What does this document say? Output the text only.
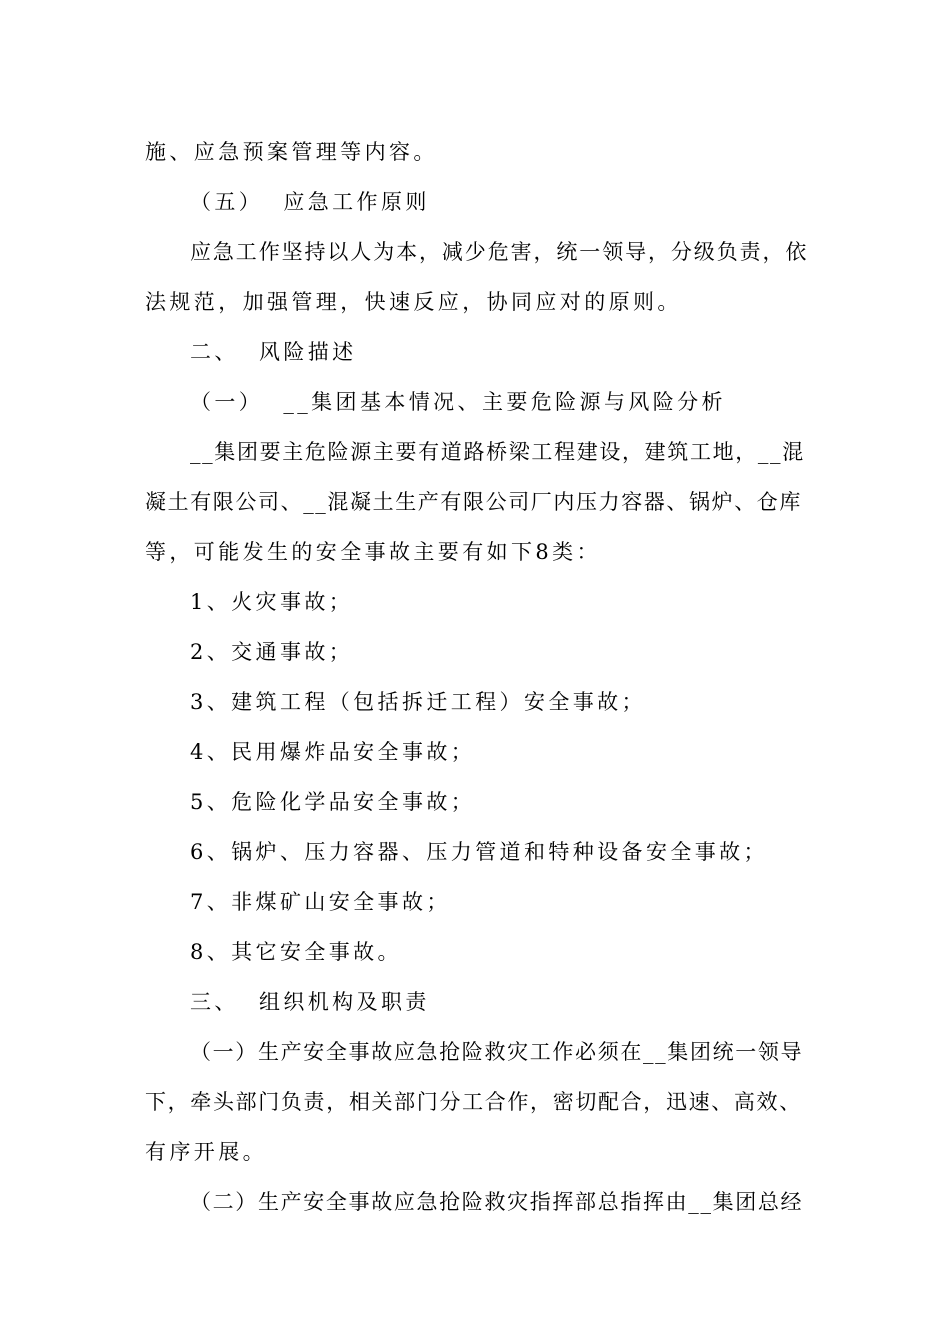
施、应急预案管理等内容。
（五）  应急工作原则
应急工作坚持以人为本，减少危害，统一领导，分级负责，依
法规范，加强管理，快速反应，协同应对的原则。
二、  风险描述
（一）  __集团基本情况、主要危险源与风险分析
__集团要主危险源主要有道路桥梁工程建设，建筑工地，__混
凝土有限公司、__混凝土生产有限公司厂内压力容器、锅炉、仓库
等，可能发生的安全事故主要有如下8类：
1、火灾事故；
2、交通事故；
3、建筑工程（包括拆迁工程）安全事故；
4、民用爆炸品安全事故；
5、危险化学品安全事故；
6、锅炉、压力容器、压力管道和特种设备安全事故；
7、非煤矿山安全事故；
8、其它安全事故。
三、  组织机构及职责
（一）生产安全事故应急抢险救灾工作必须在__集团统一领导
下，牵头部门负责，相关部门分工合作，密切配合，迅速、高效、
有序开展。
（二）生产安全事故应急抢险救灾指挥部总指挥由__集团总经
